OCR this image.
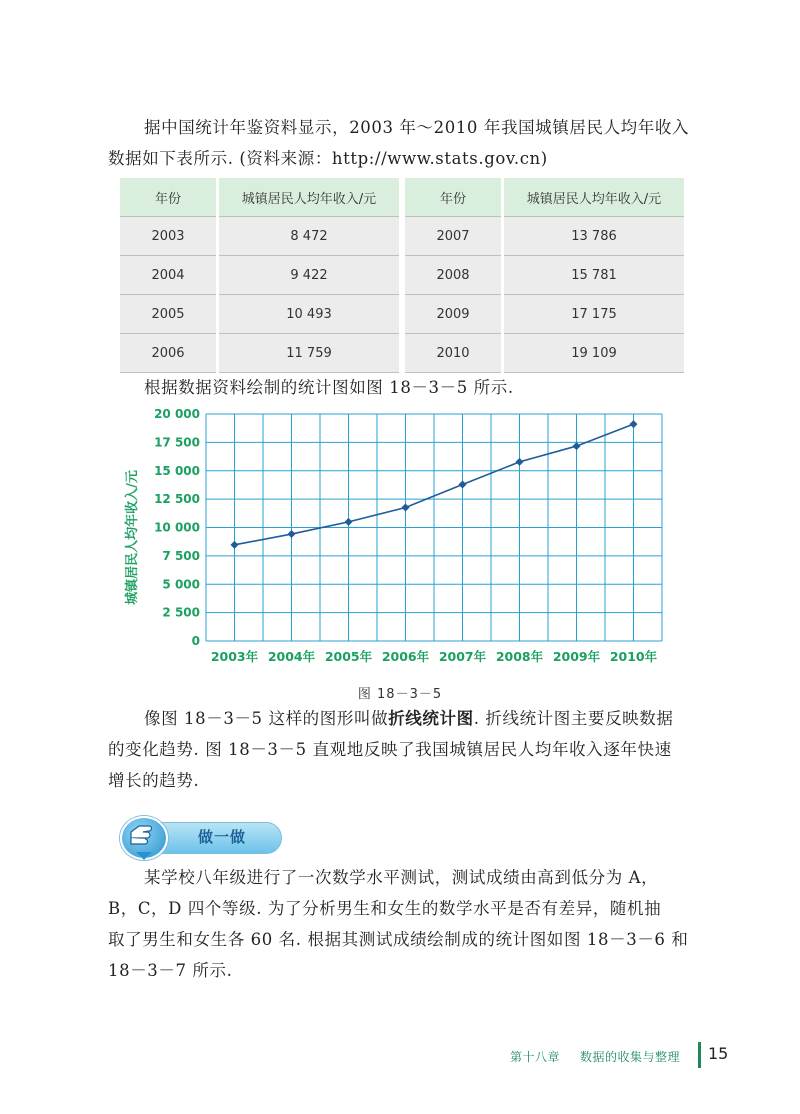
据中国统计年鉴资料显示，2003 年～2010 年我国城镇居民人均年收入
数据如下表所示. (资料来源：http://www.stats.gov.cn)

年份	城镇居民人均年收入/元		年份	城镇居民人均年收入/元
2003	8 472		2007	13 786
2004	9 422		2008	15 781
2005	10 493		2009	17 175
2006	11 759		2010	19 109

根据数据资料绘制的统计图如图 18－3－5 所示.

0
2 500
5 000
7 500
10 000
12 500
15 000
17 500
20 000
城镇居民人均年收入/元
2003年 2004年 2005年 2006年 2007年 2008年 2009年 2010年
图 18－3－5

像图 18－3－5 这样的图形叫做折线统计图. 折线统计图主要反映数据
的变化趋势. 图 18－3－5 直观地反映了我国城镇居民人均年收入逐年快速
增长的趋势.

做一做

某学校八年级进行了一次数学水平测试，测试成绩由高到低分为 A，
B，C，D 四个等级. 为了分析男生和女生的数学水平是否有差异，随机抽
取了男生和女生各 60 名. 根据其测试成绩绘制成的统计图如图 18－3－6 和
18－3－7 所示.

第十八章 数据的收集与整理 15
